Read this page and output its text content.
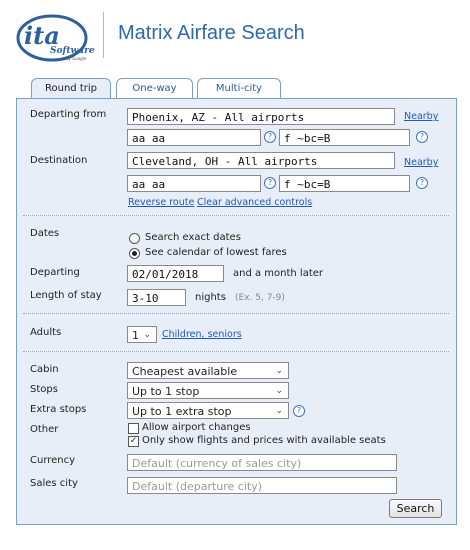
ita
Software
by Google
Matrix Airfare Search
Round trip	One-way	Multi-city
Departing from	Phoenix, AZ - All airports	Nearby
aa aa	?	f ~bc=B	?
Destination	Cleveland, OH - All airports	Nearby
aa aa	?	f ~bc=B	?
Reverse route Clear advanced controls
Dates	Search exact dates
See calendar of lowest fares
Departing	02/01/2018	and a month later
Length of stay	3-10	nights (Ex. 5, 7-9)
Adults	1 ⌄ Children, seniors
Cabin	Cheapest available	⌄
Stops	Up to 1 stop	⌄
Extra stops	Up to 1 extra stop	⌄	?
Other	Allow airport changes
✓ Only show flights and prices with available seats
Currency	Default (currency of sales city)
Sales city	Default (departure city)
Search
